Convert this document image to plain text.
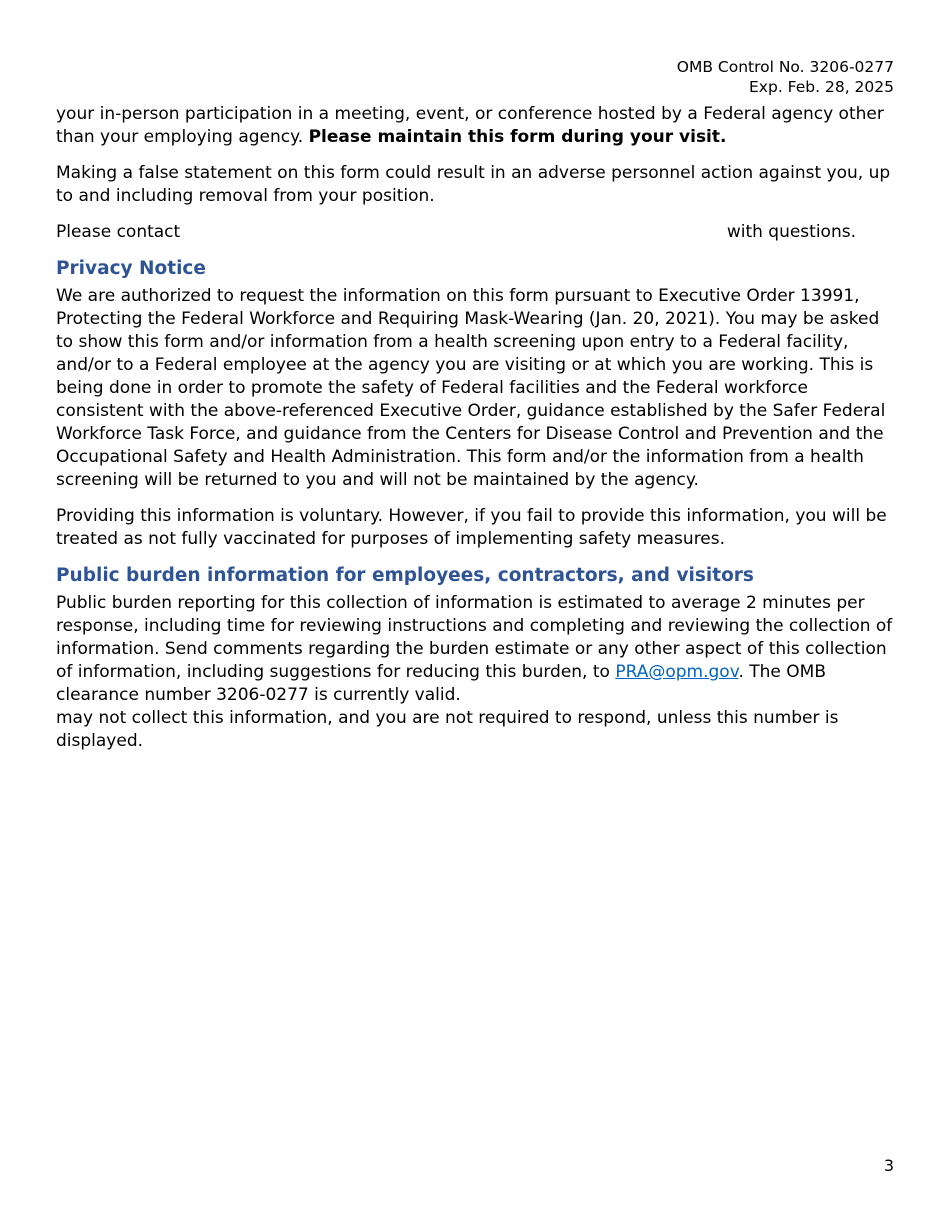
OMB Control No. 3206-0277
Exp. Feb. 28, 2025

your in-person participation in a meeting, event, or conference hosted by a Federal agency other than your employing agency. Please maintain this form during your visit.

Making a false statement on this form could result in an adverse personnel action against you, up to and including removal from your position.

Please contact	with questions.
Privacy Notice

We are authorized to request the information on this form pursuant to Executive Order 13991, Protecting the Federal Workforce and Requiring Mask-Wearing (Jan. 20, 2021). You may be asked to show this form and/or information from a health screening upon entry to a Federal facility, and/or to a Federal employee at the agency you are visiting or at which you are working. This is being done in order to promote the safety of Federal facilities and the Federal workforce consistent with the above-referenced Executive Order, guidance established by the Safer Federal Workforce Task Force, and guidance from the Centers for Disease Control and Prevention and the Occupational Safety and Health Administration. This form and/or the information from a health screening will be returned to you and will not be maintained by the agency.

Providing this information is voluntary. However, if you fail to provide this information, you will be treated as not fully vaccinated for purposes of implementing safety measures.

Public burden information for employees, contractors, and visitors

Public burden reporting for this collection of information is estimated to average 2 minutes per response, including time for reviewing instructions and completing and reviewing the collection of information. Send comments regarding the burden estimate or any other aspect of this collection of information, including suggestions for reducing this burden, to PRA@opm.gov. The OMB clearance number 3206-0277 is currently valid.

may not collect this information, and you are not required to respond, unless this number is displayed.

3
